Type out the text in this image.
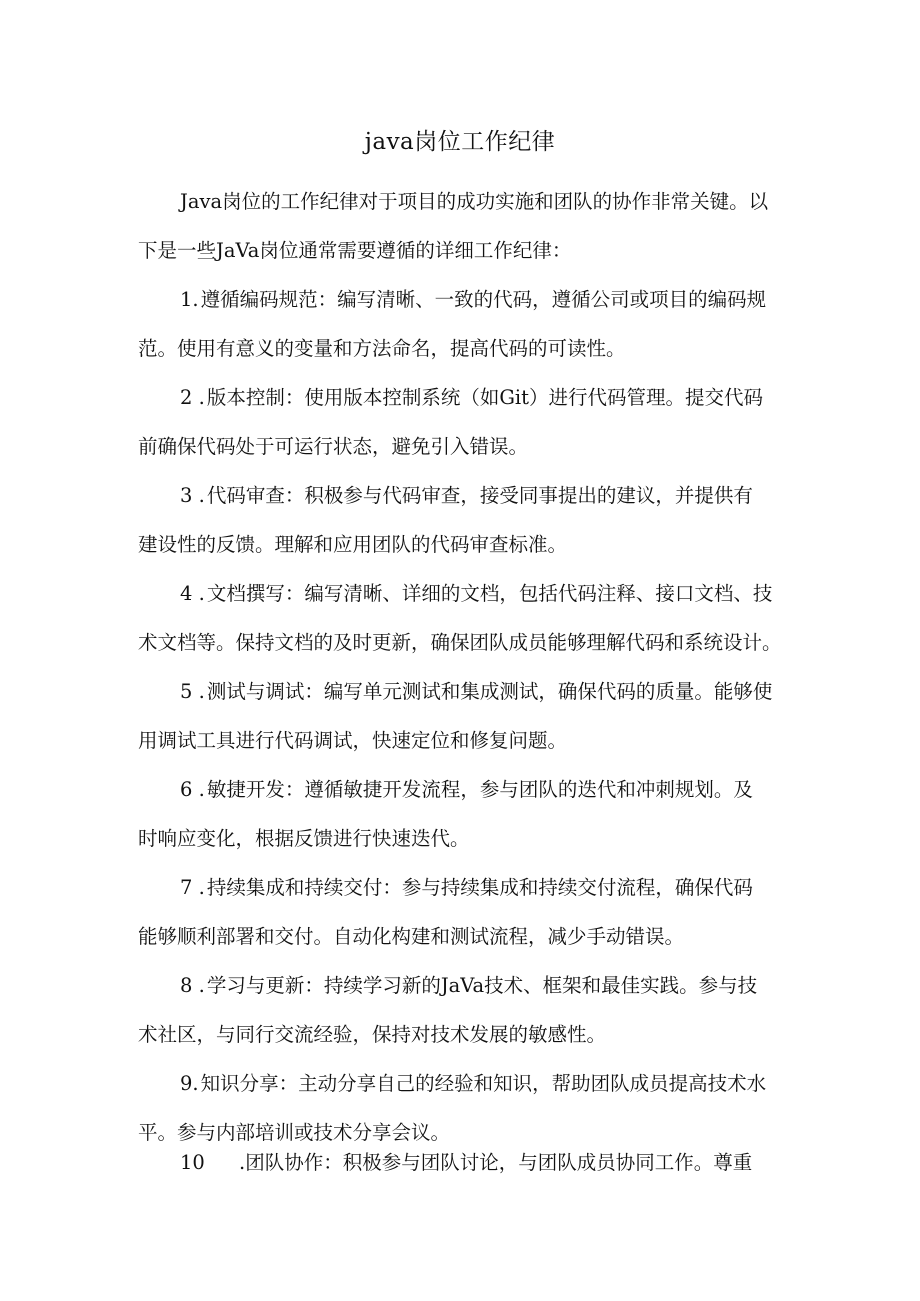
java岗位工作纪律
Java岗位的工作纪律对于项目的成功实施和团队的协作非常关键。以
下是一些JaVa岗位通常需要遵循的详细工作纪律：
1. 遵循编码规范：编写清晰、一致的代码，遵循公司或项目的编码规
范。使用有意义的变量和方法命名，提高代码的可读性。
2 . 版本控制：使用版本控制系统（如Git）进行代码管理。提交代码
前确保代码处于可运行状态，避免引入错误。
3 . 代码审查：积极参与代码审查，接受同事提出的建议，并提供有
建设性的反馈。理解和应用团队的代码审查标准。
4 . 文档撰写：编写清晰、详细的文档，包括代码注释、接口文档、技
术文档等。保持文档的及时更新，确保团队成员能够理解代码和系统设计。
5 . 测试与调试：编写单元测试和集成测试，确保代码的质量。能够使
用调试工具进行代码调试，快速定位和修复问题。
6 . 敏捷开发：遵循敏捷开发流程，参与团队的迭代和冲刺规划。及
时响应变化，根据反馈进行快速迭代。
7 . 持续集成和持续交付：参与持续集成和持续交付流程，确保代码
能够顺利部署和交付。自动化构建和测试流程，减少手动错误。
8 . 学习与更新：持续学习新的JaVa技术、框架和最佳实践。参与技
术社区，与同行交流经验，保持对技术发展的敏感性。
9. 知识分享：主动分享自己的经验和知识，帮助团队成员提高技术水
平。参与内部培训或技术分享会议。
10 .团队协作：积极参与团队讨论，与团队成员协同工作。尊重
